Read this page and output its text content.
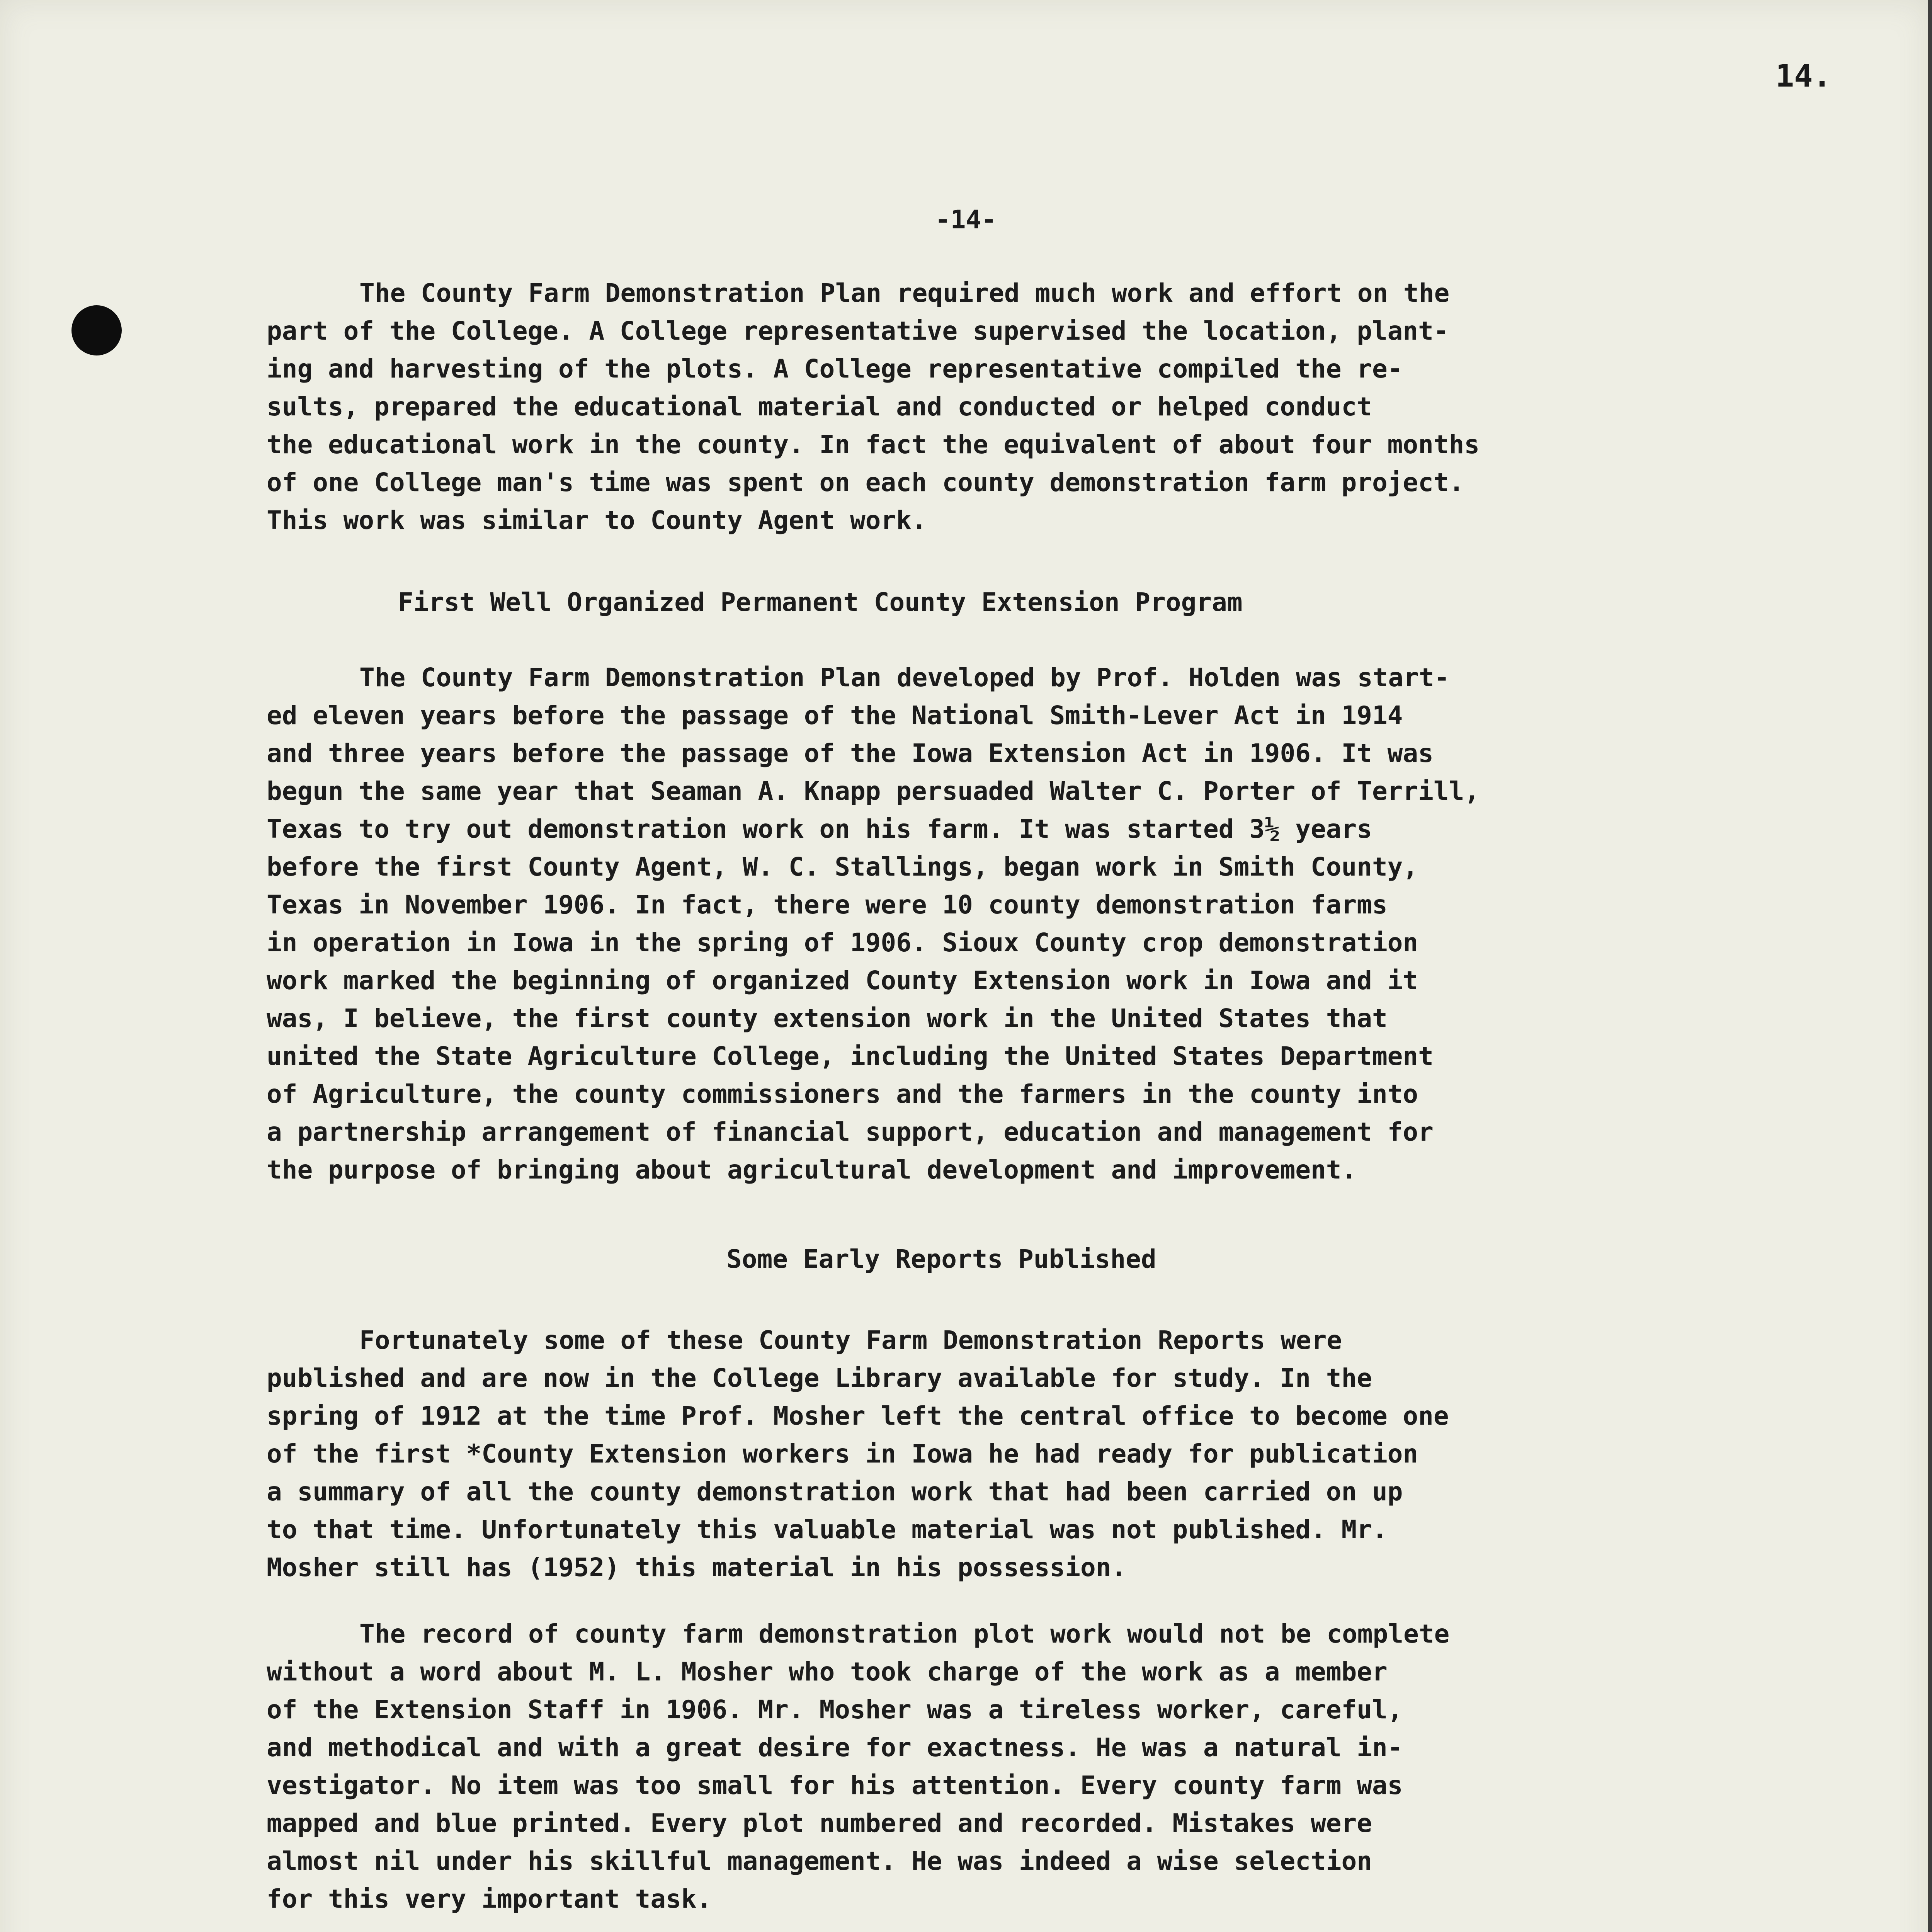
14.
-14-

The County Farm Demonstration Plan required much work and effort on the
part of the College. A College representative supervised the location, plant-
ing and harvesting of the plots. A College representative compiled the re-
sults, prepared the educational material and conducted or helped conduct
the educational work in the county. In fact the equivalent of about four months
of one College man's time was spent on each county demonstration farm project.
This work was similar to County Agent work.

First Well Organized Permanent County Extension Program

The County Farm Demonstration Plan developed by Prof. Holden was start-
ed eleven years before the passage of the National Smith-Lever Act in 1914
and three years before the passage of the Iowa Extension Act in 1906. It was
begun the same year that Seaman A. Knapp persuaded Walter C. Porter of Terrill,
Texas to try out demonstration work on his farm. It was started 3½ years
before the first County Agent, W. C. Stallings, began work in Smith County,
Texas in November 1906. In fact, there were 10 county demonstration farms
in operation in Iowa in the spring of 1906. Sioux County crop demonstration
work marked the beginning of organized County Extension work in Iowa and it
was, I believe, the first county extension work in the United States that
united the State Agriculture College, including the United States Department
of Agriculture, the county commissioners and the farmers in the county into
a partnership arrangement of financial support, education and management for
the purpose of bringing about agricultural development and improvement.

Some Early Reports Published

Fortunately some of these County Farm Demonstration Reports were
published and are now in the College Library available for study. In the
spring of 1912 at the time Prof. Mosher left the central office to become one
of the first *County Extension workers in Iowa he had ready for publication
a summary of all the county demonstration work that had been carried on up
to that time. Unfortunately this valuable material was not published. Mr.
Mosher still has (1952) this material in his possession.

The record of county farm demonstration plot work would not be complete
without a word about M. L. Mosher who took charge of the work as a member
of the Extension Staff in 1906. Mr. Mosher was a tireless worker, careful,
and methodical and with a great desire for exactness. He was a natural in-
vestigator. No item was too small for his attention. Every county farm was
mapped and blue printed. Every plot numbered and recorded. Mistakes were
almost nil under his skillful management. He was indeed a wise selection
for this very important task.
